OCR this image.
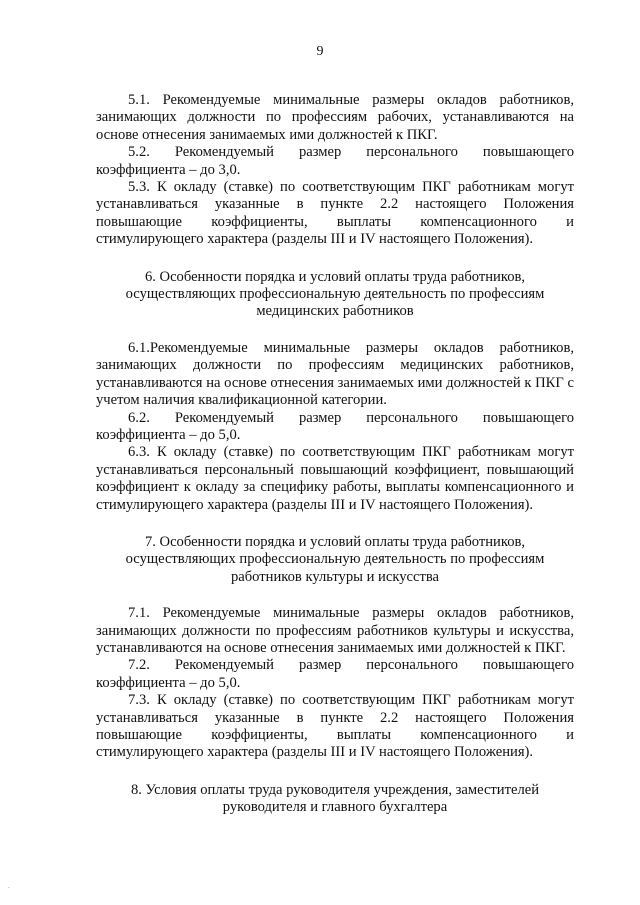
9

5.1. Рекомендуемые минимальные размеры окладов работников, занимающих должности по профессиям рабочих, устанавливаются на основе отнесения занимаемых ими должностей к ПКГ.

5.2. Рекомендуемый размер персонального повышающего

коэффициента – до 3,0.

5.3. К окладу (ставке) по соответствующим ПКГ работникам могут устанавливаться указанные в пункте 2.2 настоящего Положения повышающие коэффициенты, выплаты компенсационного и
стимулирующего характера (разделы III и IV настоящего Положения).

6. Особенности порядка и условий оплаты труда работников, осуществляющих профессиональную деятельность по профессиям медицинских работников

6.1.Рекомендуемые минимальные размеры окладов работников, занимающих должности по профессиям медицинских работников, устанавливаются на основе отнесения занимаемых ими должностей к ПКГ с учетом наличия квалификационной категории.

6.2. Рекомендуемый размер персонального повышающего

коэффициента – до 5,0.

6.3. К окладу (ставке) по соответствующим ПКГ работникам могут устанавливаться персональный повышающий коэффициент, повышающий коэффициент к окладу за специфику работы, выплаты компенсационного и стимулирующего характера (разделы III и IV настоящего Положения).

7. Особенности порядка и условий оплаты труда работников, осуществляющих профессиональную деятельность по профессиям работников культуры и искусства

7.1. Рекомендуемые минимальные размеры окладов работников, занимающих должности по профессиям работников культуры и искусства, устанавливаются на основе отнесения занимаемых ими должностей к ПКГ.

7.2. Рекомендуемый размер персонального повышающего

коэффициента – до 5,0.

7.3. К окладу (ставке) по соответствующим ПКГ работникам могут устанавливаться указанные в пункте 2.2 настоящего Положения повышающие коэффициенты, выплаты компенсационного и
стимулирующего характера (разделы III и IV настоящего Положения).

8. Условия оплаты труда руководителя учреждения, заместителей руководителя и главного бухгалтера

.
